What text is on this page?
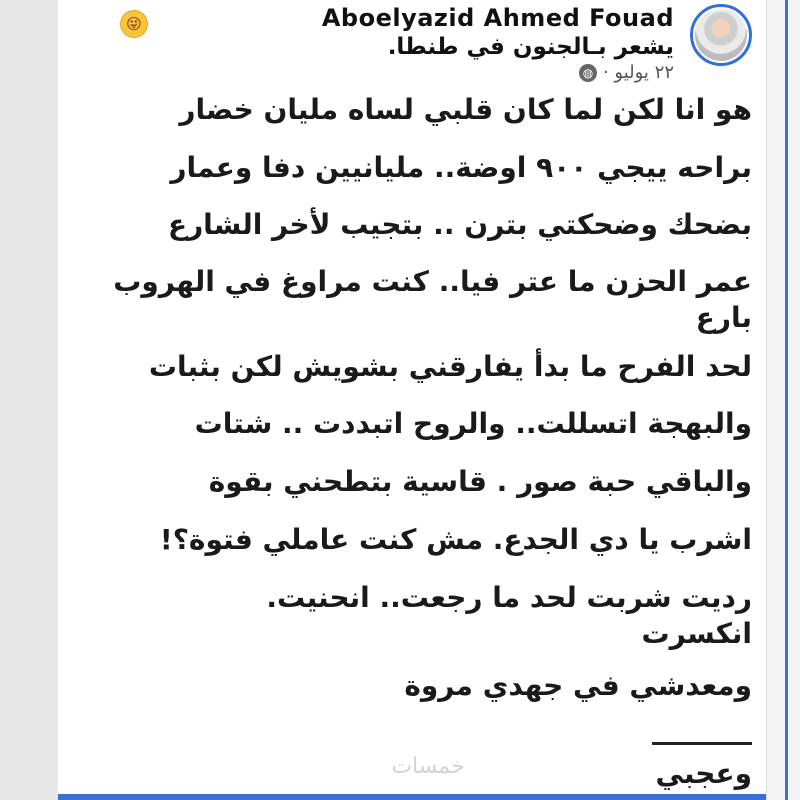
😜	Aboelyazid Ahmed Fouad
يشعر بـالجنون في طنطا.
٢٢ يوليو ·
◍
هو انا لكن لما كان قلبي لساه مليان خضار
براحه ييجي ٩٠٠ اوضة.. مليانيين دفا وعمار
بضحك وضحكتي بترن .. بتجيب لأخر الشارع
عمر الحزن ما عتر فيا.. كنت مراوغ في الهروب
بارع
لحد الفرح ما بدأ يفارقني بشويش لكن بثبات
والبهجة اتسللت.. والروح اتبددت .. شتات
والباقي حبة صور . قاسية بتطحني بقوة
اشرب يا دي الجدع. مش كنت عاملي فتوة؟!
رديت شربت لحد ما رجعت.. انحنيت.
انكسرت
ومعدشي في جهدي مروة
وعجبي
خمسات
